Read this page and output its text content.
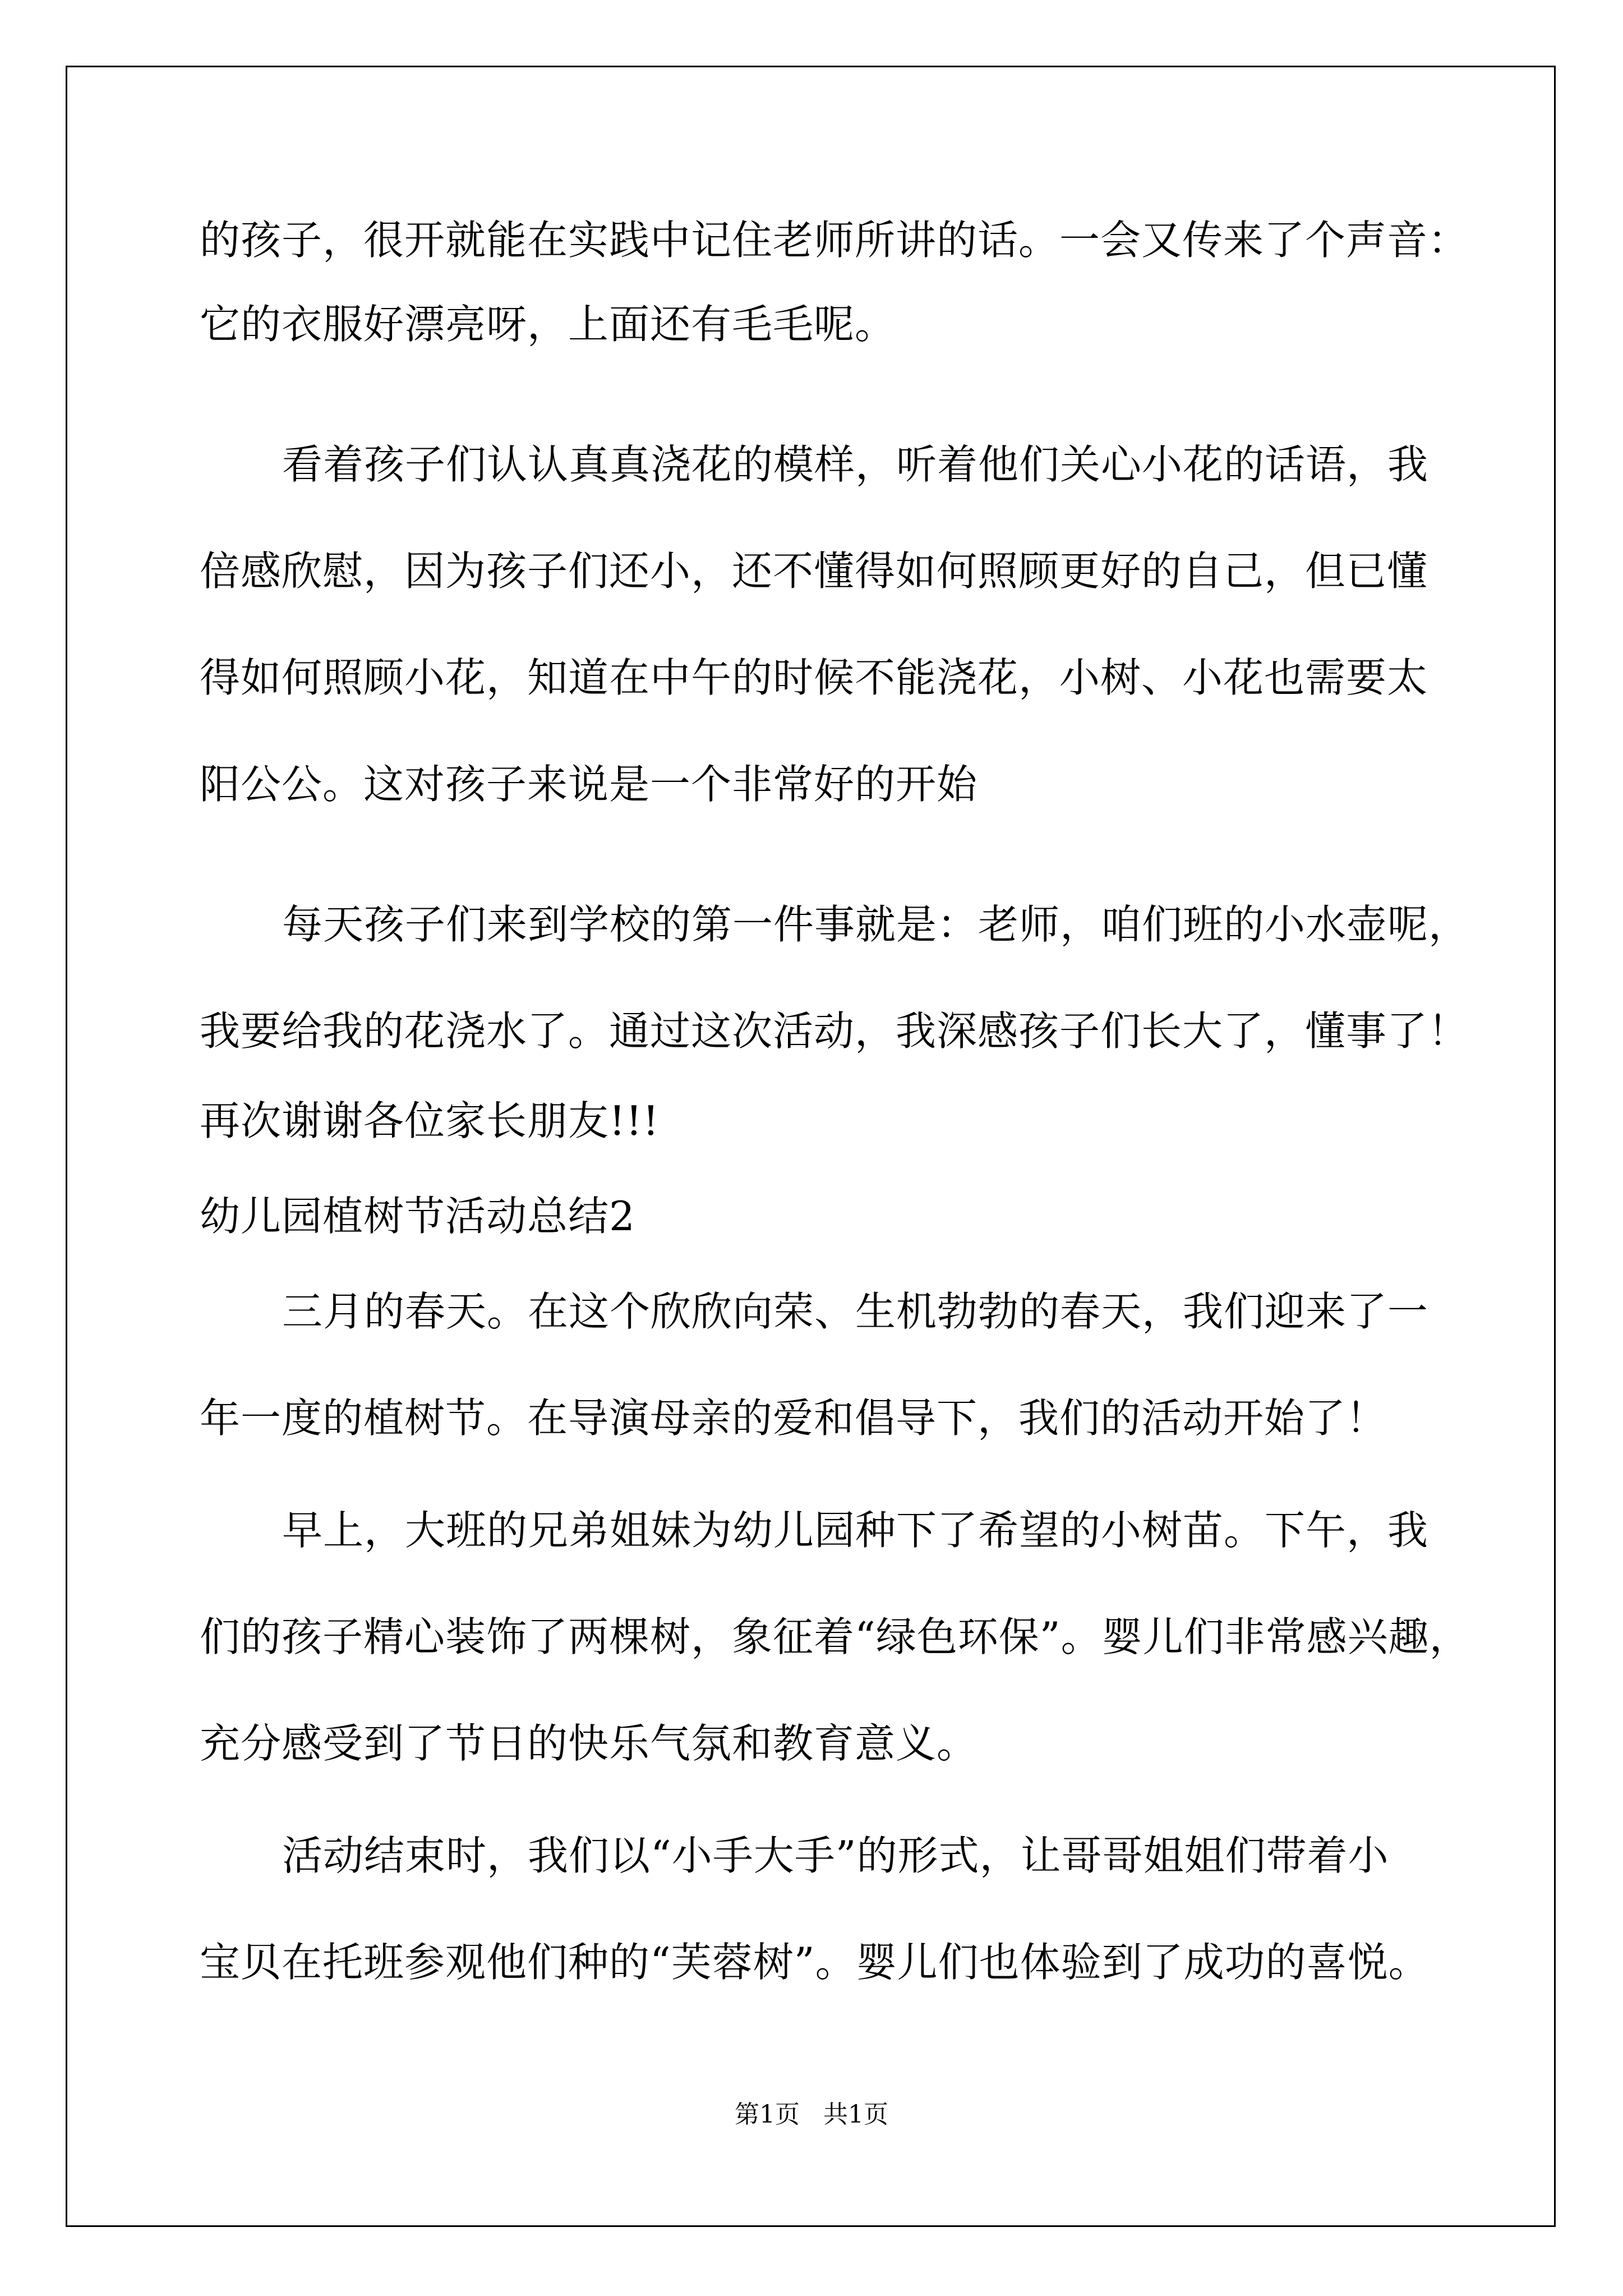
的孩子，很开就能在实践中记住老师所讲的话。一会又传来了个声音：
它的衣服好漂亮呀，上面还有毛毛呢。
看着孩子们认认真真浇花的模样，听着他们关心小花的话语，我
倍感欣慰，因为孩子们还小，还不懂得如何照顾更好的自己，但已懂
得如何照顾小花，知道在中午的时候不能浇花，小树、小花也需要太
阳公公。这对孩子来说是一个非常好的开始
每天孩子们来到学校的第一件事就是：老师，咱们班的小水壶呢，
我要给我的花浇水了。通过这次活动，我深感孩子们长大了，懂事了！
再次谢谢各位家长朋友!!!
幼儿园植树节活动总结2
三月的春天。在这个欣欣向荣、生机勃勃的春天，我们迎来了一
年一度的植树节。在导演母亲的爱和倡导下，我们的活动开始了！
早上，大班的兄弟姐妹为幼儿园种下了希望的小树苗。下午，我
们的孩子精心装饰了两棵树，象征着“绿色环保”。婴儿们非常感兴趣，
充分感受到了节日的快乐气氛和教育意义。
活动结束时，我们以“小手大手”的形式，让哥哥姐姐们带着小
宝贝在托班参观他们种的“芙蓉树”。婴儿们也体验到了成功的喜悦。
第1页   共1页
